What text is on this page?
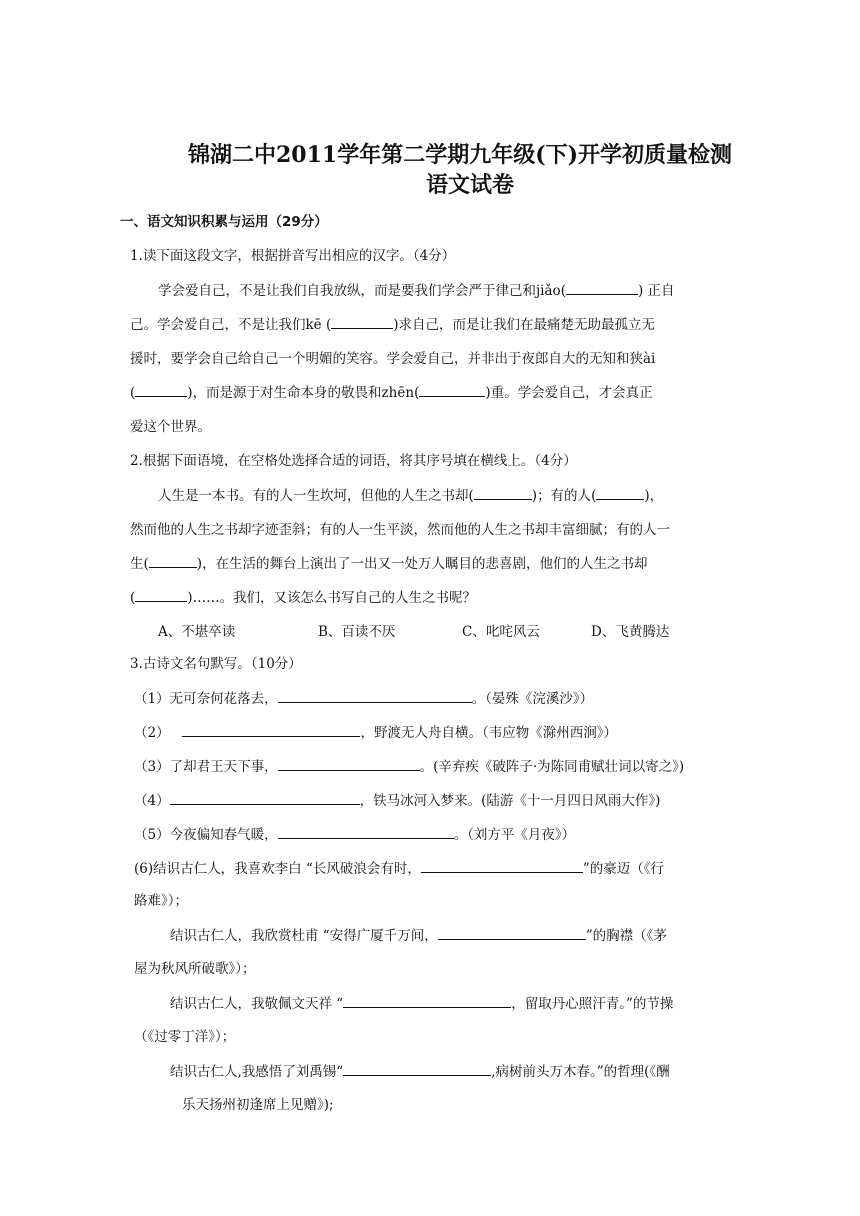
锦湖二中2011学年第二学期九年级(下)开学初质量检测
语文试卷
一、语文知识积累与运用（29分）
1.读下面这段文字，根据拼音写出相应的汉字。（4分）
学会爱自己，不是让我们自我放纵，而是要我们学会严于律己和jiǎo(	) 正自
己。学会爱自己，不是让我们kē (	)求自己，而是让我们在最痛楚无助最孤立无
援时，要学会自己给自己一个明媚的笑容。学会爱自己，并非出于夜郎自大的无知和狭ài
(	)，而是源于对生命本身的敬畏和zhēn(	)重。学会爱自己，才会真正
爱这个世界。
2.根据下面语境，在空格处选择合适的词语，将其序号填在横线上。（4分）
人生是一本书。有的人一生坎坷，但他的人生之书却(	)；有的人(	)，
然而他的人生之书却字迹歪斜；有的人一生平淡，然而他的人生之书却丰富细腻；有的人一
生(	)，在生活的舞台上演出了一出又一处万人瞩目的悲喜剧，他们的人生之书却
(	)……。我们，又该怎么书写自己的人生之书呢？
A、不堪卒读	B、百读不厌	C、叱咤风云	D、飞黄腾达
3.古诗文名句默写。（10分）
（1）无可奈何花落去，	。（晏殊《浣溪沙》）
（2）	，野渡无人舟自横。（韦应物《滁州西涧》）
（3）了却君王天下事，	。(辛弃疾《破阵子·为陈同甫赋壮词以寄之》)
（4）	，铁马冰河入梦来。(陆游《十一月四日风雨大作》)
（5）今夜偏知春气暖，	。（刘方平《月夜》）
(6)结识古仁人，我喜欢李白 “长风破浪会有时，	”的豪迈（《行
路难》）；
结识古仁人，我欣赏杜甫 “安得广厦千万间，	”的胸襟（《茅
屋为秋风所破歌》）；
结识古仁人，我敬佩文天祥 “	，留取丹心照汗青。”的节操
（《过零丁洋》）；
结识古仁人,我感悟了刘禹锡“	,病树前头万木春。”的哲理(《酬
乐天扬州初逢席上见赠》);
